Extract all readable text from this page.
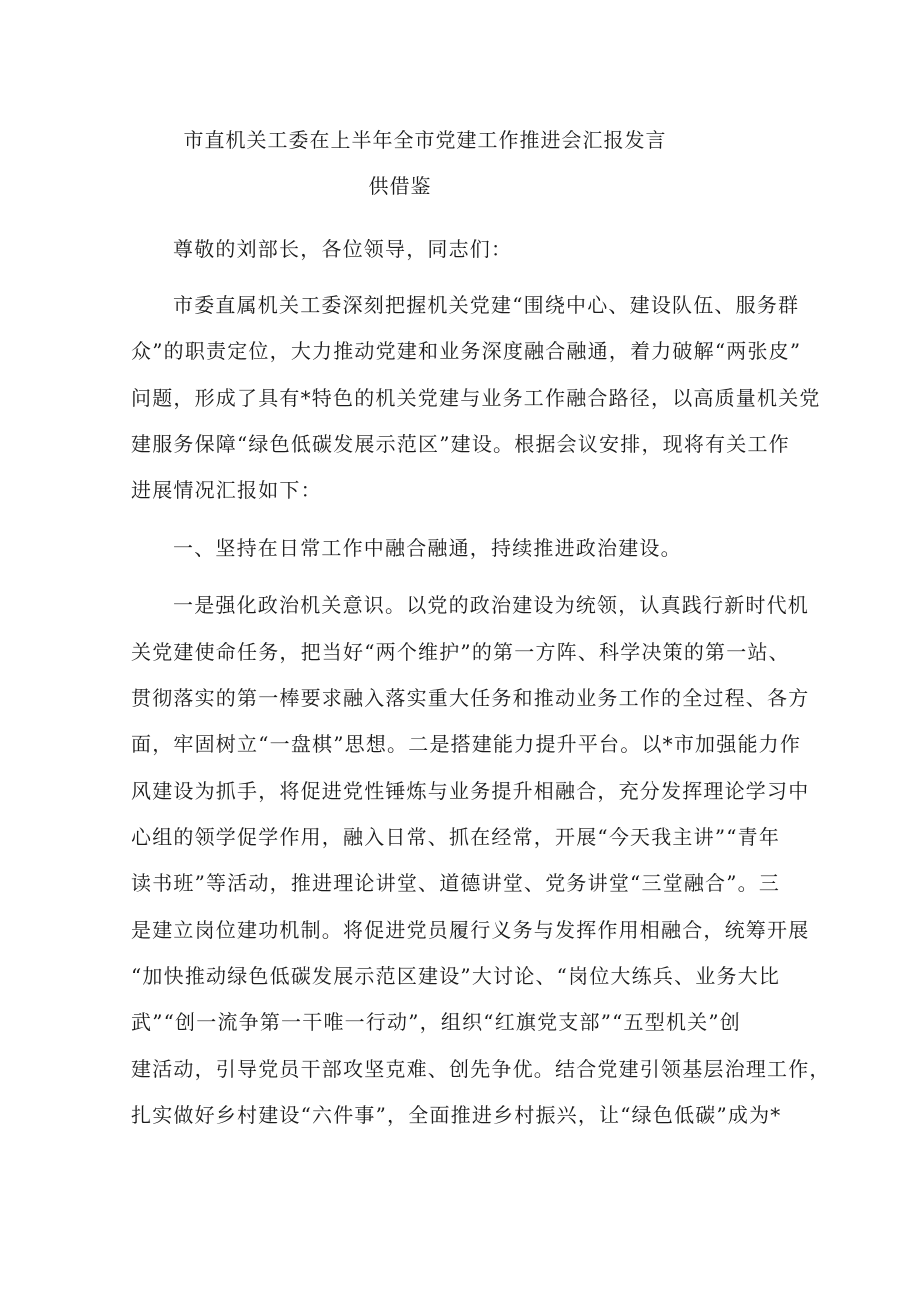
市直机关工委在上半年全市党建工作推进会汇报发言
供借鉴
尊敬的刘部长，各位领导，同志们：
市委直属机关工委深刻把握机关党建“围绕中心、建设队伍、服务群
众”的职责定位，大力推动党建和业务深度融合融通，着力破解“两张皮”
问题，形成了具有*特色的机关党建与业务工作融合路径，以高质量机关党
建服务保障“绿色低碳发展示范区”建设。根据会议安排，现将有关工作
进展情况汇报如下：
一、坚持在日常工作中融合融通，持续推进政治建设。
一是强化政治机关意识。以党的政治建设为统领，认真践行新时代机
关党建使命任务，把当好“两个维护”的第一方阵、科学决策的第一站、
贯彻落实的第一棒要求融入落实重大任务和推动业务工作的全过程、各方
面，牢固树立“一盘棋”思想。二是搭建能力提升平台。以*市加强能力作
风建设为抓手，将促进党性锤炼与业务提升相融合，充分发挥理论学习中
心组的领学促学作用，融入日常、抓在经常，开展“今天我主讲”“青年
读书班”等活动，推进理论讲堂、道德讲堂、党务讲堂“三堂融合”。三
是建立岗位建功机制。将促进党员履行义务与发挥作用相融合，统筹开展
“加快推动绿色低碳发展示范区建设”大讨论、“岗位大练兵、业务大比
武”“创一流争第一干唯一行动”，组织“红旗党支部”“五型机关”创
建活动，引导党员干部攻坚克难、创先争优。结合党建引领基层治理工作，
扎实做好乡村建设“六件事”，全面推进乡村振兴，让“绿色低碳”成为*
